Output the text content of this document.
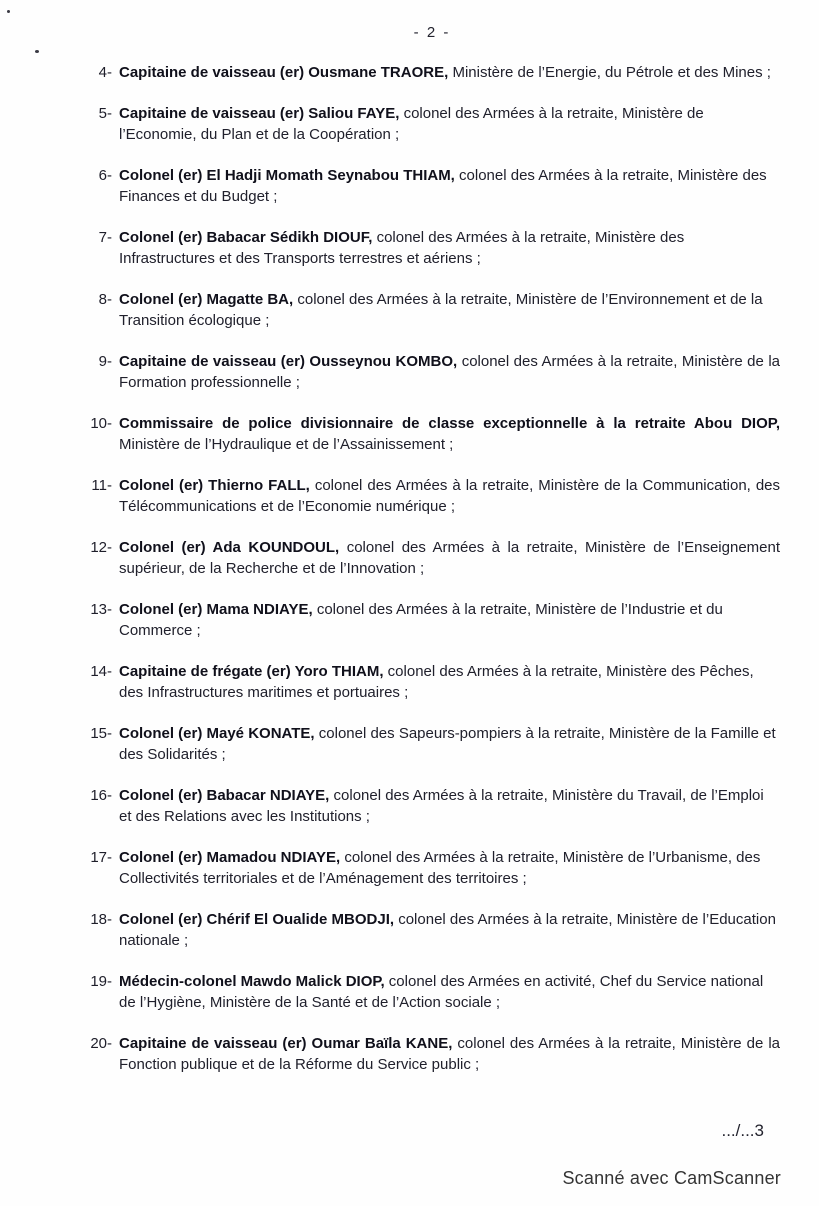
- 2 -
4- Capitaine de vaisseau (er) Ousmane TRAORE, Ministère de l’Energie, du Pétrole et des Mines ;
5- Capitaine de vaisseau (er) Saliou FAYE, colonel des Armées à la retraite, Ministère de l’Economie, du Plan et de la Coopération ;
6- Colonel (er) El Hadji Momath Seynabou THIAM, colonel des Armées à la retraite, Ministère des Finances et du Budget ;
7- Colonel (er) Babacar Sédikh DIOUF, colonel des Armées à la retraite, Ministère des Infrastructures et des Transports terrestres et aériens ;
8- Colonel (er) Magatte BA, colonel des Armées à la retraite, Ministère de l’Environnement et de la Transition écologique ;
9- Capitaine de vaisseau (er) Ousseynou KOMBO, colonel des Armées à la retraite, Ministère de la Formation professionnelle ;
10- Commissaire de police divisionnaire de classe exceptionnelle à la retraite Abou DIOP, Ministère de l’Hydraulique et de l’Assainissement ;
11- Colonel (er) Thierno FALL, colonel des Armées à la retraite, Ministère de la Communication, des Télécommunications et de l’Economie numérique ;
12- Colonel (er) Ada KOUNDOUL, colonel des Armées à la retraite, Ministère de l’Enseignement supérieur, de la Recherche et de l’Innovation ;
13- Colonel (er) Mama NDIAYE, colonel des Armées à la retraite, Ministère de l’Industrie et du Commerce ;
14- Capitaine de frégate (er) Yoro THIAM, colonel des Armées à la retraite, Ministère des Pêches, des Infrastructures maritimes et portuaires ;
15- Colonel (er) Mayé KONATE, colonel des Sapeurs-pompiers à la retraite, Ministère de la Famille et des Solidarités ;
16- Colonel (er) Babacar NDIAYE, colonel des Armées à la retraite, Ministère du Travail, de l’Emploi et des Relations avec les Institutions ;
17- Colonel (er) Mamadou NDIAYE, colonel des Armées à la retraite, Ministère de l’Urbanisme, des Collectivités territoriales et de l’Aménagement des territoires ;
18- Colonel (er) Chérif El Oualide MBODJI, colonel des Armées à la retraite, Ministère de l’Education nationale ;
19- Médecin-colonel Mawdo Malick DIOP, colonel des Armées en activité, Chef du Service national de l’Hygiène, Ministère de la Santé et de l’Action sociale ;
20- Capitaine de vaisseau (er) Oumar Baïla KANE, colonel des Armées à la retraite, Ministère de la Fonction publique et de la Réforme du Service public ;
.../...3
Scanné avec CamScanner
